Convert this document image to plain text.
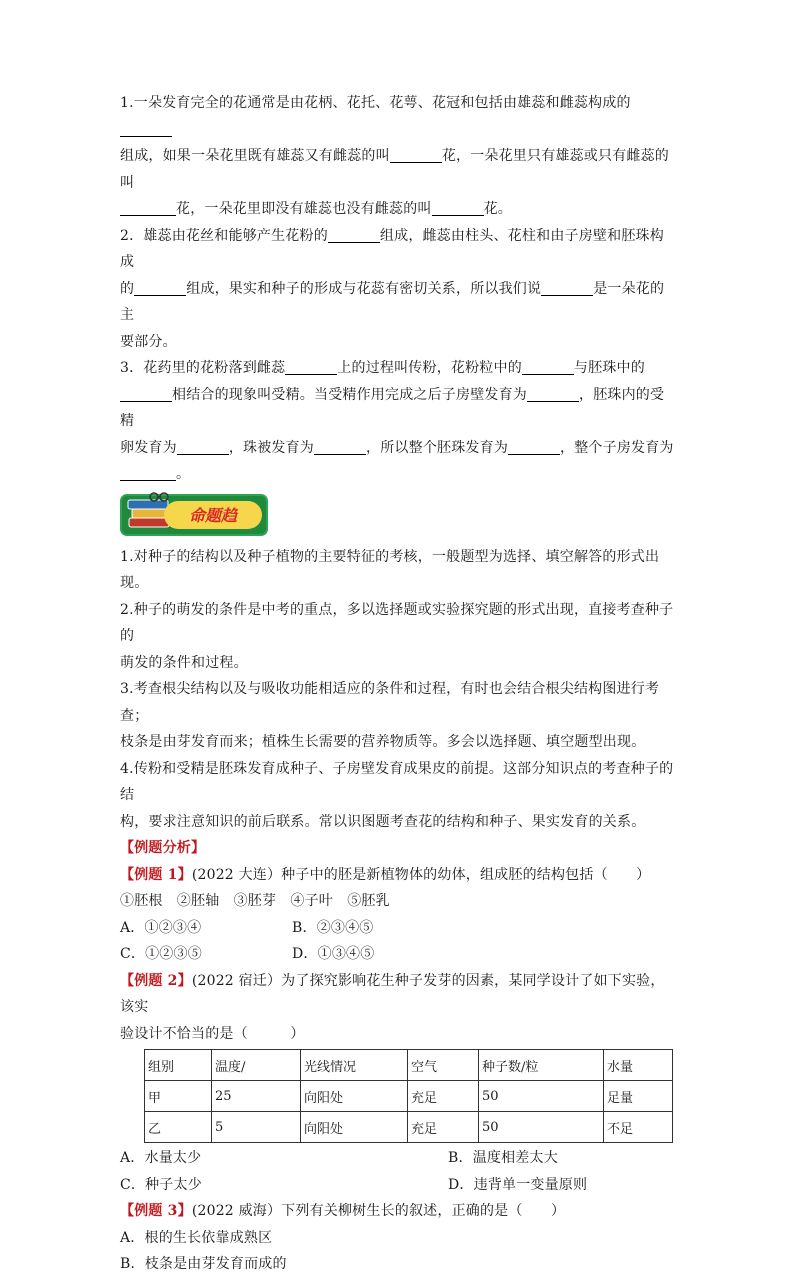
1.一朵发育完全的花通常是由花柄、花托、花萼、花冠和包括由雄蕊和雌蕊构成的
组成，如果一朵花里既有雄蕊又有雌蕊的叫	花，一朵花里只有雄蕊或只有雌蕊的叫
花，一朵花里即没有雄蕊也没有雌蕊的叫	花。

2．雄蕊由花丝和能够产生花粉的	组成，雌蕊由柱头、花柱和由子房壁和胚珠构成
的	组成，果实和种子的形成与花蕊有密切关系，所以我们说	是一朵花的主
要部分。

3．花药里的花粉落到雌蕊	上的过程叫传粉，花粉粒中的	与胚珠中的
相结合的现象叫受精。当受精作用完成之后子房壁发育为	，胚珠内的受精
卵发育为	，珠被发育为	，所以整个胚珠发育为	，整个子房发育为
。

命题趋

1.对种子的结构以及种子植物的主要特征的考核，一般题型为选择、填空解答的形式出现。

2.种子的萌发的条件是中考的重点，多以选择题或实验探究题的形式出现，直接考查种子的
萌发的条件和过程。

3.考查根尖结构以及与吸收功能相适应的条件和过程，有时也会结合根尖结构图进行考查；
枝条是由芽发育而来；植株生长需要的营养物质等。多会以选择题、填空题型出现。

4.传粉和受精是胚珠发育成种子、子房壁发育成果皮的前提。这部分知识点的考查种子的结
构，要求注意知识的前后联系。常以识图题考查花的结构和种子、果实发育的关系。

【例题分析】

【例题 1】(2022 大连）种子中的胚是新植物体的幼体，组成胚的结构包括（　　）

①胚根　②胚轴　③胚芽　④子叶　⑤胚乳

A．①②③④	B．②③④⑤

C．①②③⑤	D．①③④⑤

【例题 2】(2022 宿迁）为了探究影响花生种子发芽的因素，某同学设计了如下实验，该实

验设计不恰当的是（　　　）

组别	温度/	光线情况	空气	种子数/粒	水量
甲	25	向阳处	充足	50	足量
乙	5	向阳处	充足	50	不足

A．水量太少	B．温度相差太大

C．种子太少	D．违背单一变量原则

【例题 3】(2022 威海）下列有关柳树生长的叙述，正确的是（　　）

A．根的生长依靠成熟区

B．枝条是由芽发育而成的
